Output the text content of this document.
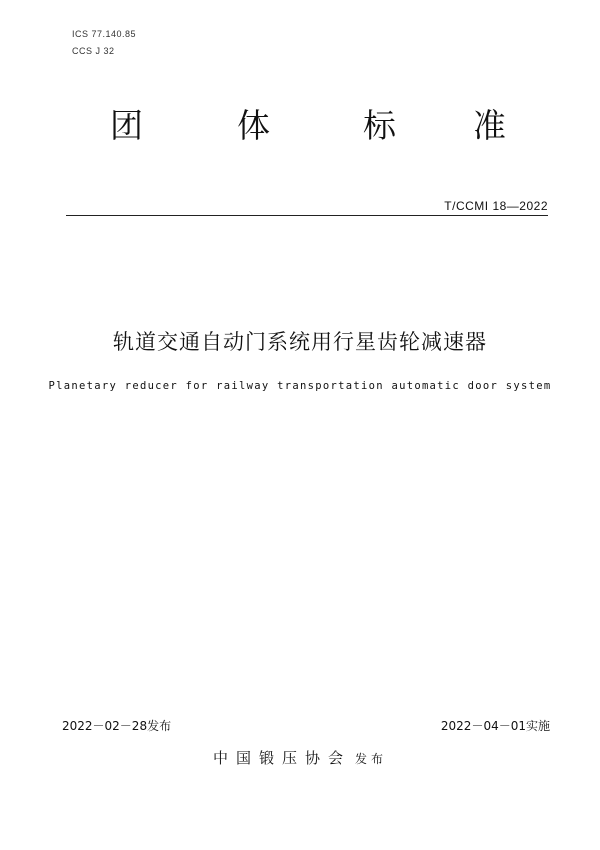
ICS 77.140.85
CCS J 32
团	体	标 准
T/CCMI 18—2022
轨道交通自动门系统用行星齿轮减速器
Planetary reducer for railway transportation automatic door system
2022－02－28发布	2022－04－01实施
中国锻压协会 发布
